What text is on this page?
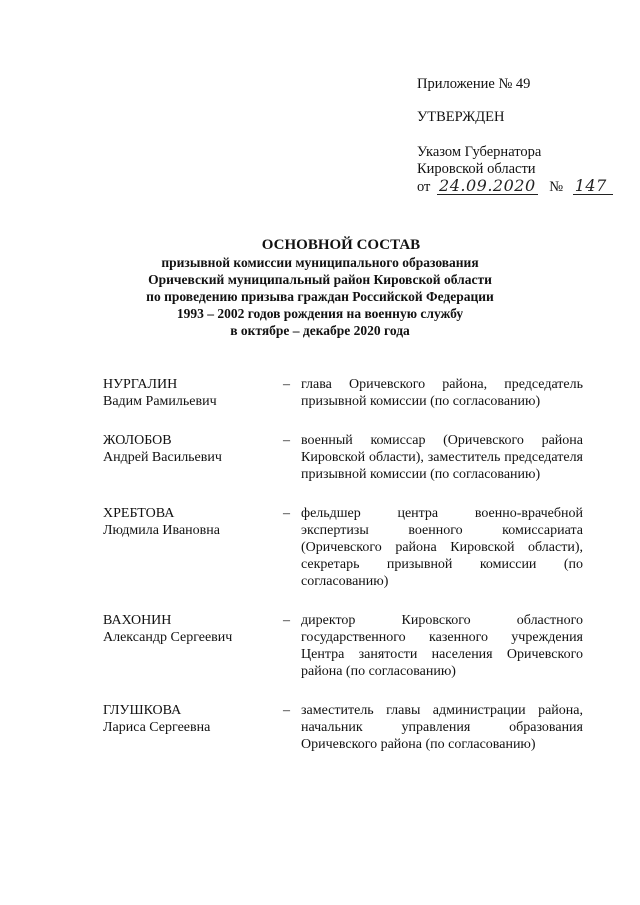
Приложение № 49
УТВЕРЖДЕН
Указом Губернатора
Кировской области
от 24.09.2020 № 147
ОСНОВНОЙ СОСТАВ
призывной комиссии муниципального образования
Оричевский муниципальный район Кировской области
по проведению призыва граждан Российской Федерации
1993 – 2002 годов рождения на военную службу
в октябре – декабре 2020 года
НУРГАЛИН
Вадим Рамильевич
– глава Оричевского района, председатель призывной комиссии (по согласованию)
ЖОЛОБОВ
Андрей Васильевич
– военный комиссар (Оричевского района Кировской области), заместитель председателя призывной комиссии (по согласованию)
ХРЕБТОВА
Людмила Ивановна
– фельдшер центра военно-врачебной экспертизы военного комиссариата (Оричевского района Кировской области), секретарь призывной комиссии (по согласованию)
ВАХОНИН
Александр Сергеевич
– директор Кировского областного государственного казенного учреждения Центра занятости населения Оричевского района (по согласованию)
ГЛУШКОВА
Лариса Сергеевна
– заместитель главы администрации района, начальник управления образования Оричевского района (по согласованию)
